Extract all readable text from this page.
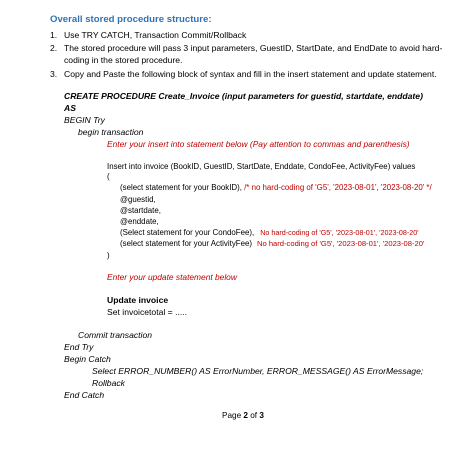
Overall stored procedure structure:
1. Use TRY CATCH, Transaction Commit/Rollback
2. The stored procedure will pass 3 input parameters, GuestID, StartDate, and EndDate to avoid hard-
coding in the stored procedure.
3. Copy and Paste the following block of syntax and fill in the insert statement and update statement.
CREATE PROCEDURE Create_Invoice (input parameters for guestid, startdate, enddate)
AS
BEGIN Try
begin transaction
Enter your insert into statement below (Pay attention to commas and parenthesis)
Insert into invoice (BookID, GuestID, StartDate, Enddate, CondoFee, ActivityFee) values
(
(select statement for your BookID), /* no hard-coding of 'G5', '2023-08-01', '2023-08-20' */
@guestid,
@startdate,
@enddate,
(Select statement for your CondoFee), No hard-coding of 'G5', '2023-08-01', '2023-08-20'
(select statement for your ActivityFee) No hard-coding of 'G5', '2023-08-01', '2023-08-20'
)
Enter your update statement below
Update invoice
Set invoicetotal = .....
Commit transaction
End Try
Begin Catch
Select ERROR_NUMBER() AS ErrorNumber, ERROR_MESSAGE() AS ErrorMessage;
Rollback
End Catch
Page 2 of 3
